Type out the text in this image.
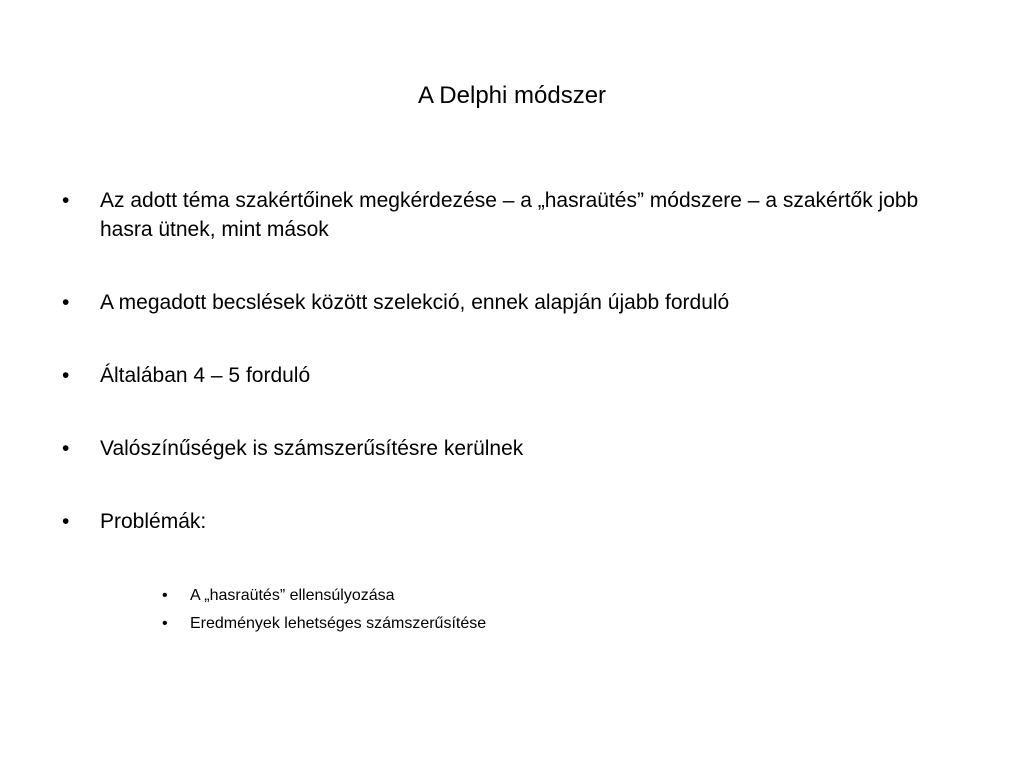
A Delphi módszer
• Az adott téma szakértőinek megkérdezése – a „hasraütés” módszere – a szakértők jobb hasra ütnek, mint mások
• A megadott becslések között szelekció, ennek alapján újabb forduló
• Általában 4 – 5 forduló
• Valószínűségek is számszerűsítésre kerülnek
• Problémák:
• A „hasraütés” ellensúlyozása
• Eredmények lehetséges számszerűsítése
